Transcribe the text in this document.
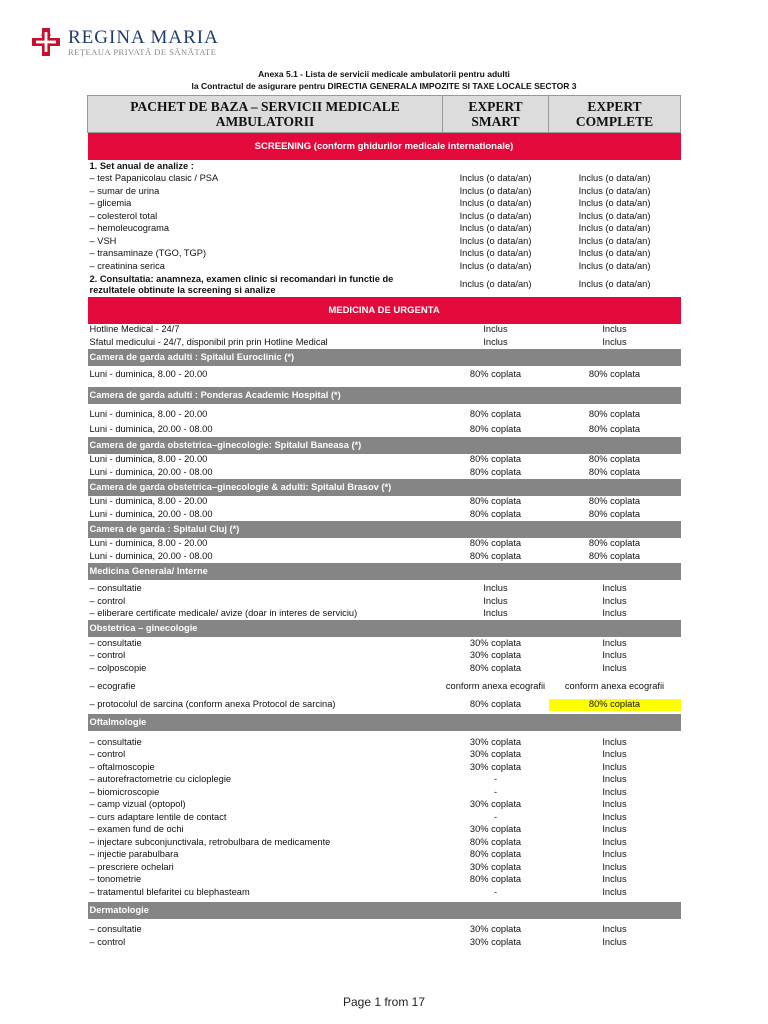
REGINA MARIA
REȚEAUA PRIVATĂ DE SĂNĂTATE
Anexa 5.1 - Lista de servicii medicale ambulatorii pentru adulti
la Contractul de asigurare pentru DIRECTIA GENERALA IMPOZITE SI TAXE LOCALE SECTOR 3
PACHET DE BAZA – SERVICII MEDICALE AMBULATORII	EXPERT SMART	EXPERT COMPLETE
SCREENING (conform ghidurilor medicale internationale)		
1. Set anual de analize :		
– test Papanicolau clasic / PSA	Inclus (o data/an)	Inclus (o data/an)
– sumar de urina	Inclus (o data/an)	Inclus (o data/an)
– glicemia	Inclus (o data/an)	Inclus (o data/an)
– colesterol total	Inclus (o data/an)	Inclus (o data/an)
– hemoleucograma	Inclus (o data/an)	Inclus (o data/an)
– VSH	Inclus (o data/an)	Inclus (o data/an)
– transaminaze (TGO, TGP)	Inclus (o data/an)	Inclus (o data/an)
– creatinina serica	Inclus (o data/an)	Inclus (o data/an)
2. Consultatia: anamneza, examen clinic si recomandari in functie de rezultatele obtinute la screening si analize	Inclus (o data/an)	Inclus (o data/an)
MEDICINA DE URGENTA		
Hotline Medical - 24/7	Inclus	Inclus
Sfatul medicului - 24/7, disponibil prin prin Hotline Medical	Inclus	Inclus
Camera de garda adulti : Spitalul Euroclinic (*)		
Luni - duminica, 8.00 - 20.00	80% coplata	80% coplata

Camera de garda adulti : Ponderas Academic Hospital (*)		

Luni - duminica, 8.00 - 20.00	80% coplata	80% coplata
Luni - duminica, 20.00 - 08.00	80% coplata	80% coplata
Camera de garda obstetrica–ginecologie: Spitalul Baneasa (*)		
Luni - duminica, 8.00 - 20.00	80% coplata	80% coplata
Luni - duminica, 20.00 - 08.00	80% coplata	80% coplata
Camera de garda obstetrica–ginecologie & adulti: Spitalul Brasov (*)		
Luni - duminica, 8.00 - 20.00	80% coplata	80% coplata
Luni - duminica, 20.00 - 08.00	80% coplata	80% coplata
Camera de garda : Spitalul Cluj (*)		
Luni - duminica, 8.00 - 20.00	80% coplata	80% coplata
Luni - duminica, 20.00 - 08.00	80% coplata	80% coplata
Medicina Generala/ Interne		

– consultatie	Inclus	Inclus
– control	Inclus	Inclus
– eliberare certificate medicale/ avize (doar in interes de serviciu)	Inclus	Inclus
Obstetrica – ginecologie		
– consultatie	30% coplata	Inclus
– control	30% coplata	Inclus
– colposcopie	80% coplata	Inclus
– ecografie	conform anexa ecografii	conform anexa ecografii
– protocolul de sarcina (conform anexa Protocol de sarcina)	80% coplata	80% coplata

Oftalmologie		

– consultatie	30% coplata	Inclus
– control	30% coplata	Inclus
– oftalmoscopie	30% coplata	Inclus
– autorefractometrie cu cicloplegie	-	Inclus
– biomicroscopie	-	Inclus
– camp vizual (optopol)	30% coplata	Inclus
– curs adaptare lentile de contact	-	Inclus
– examen fund de ochi	30% coplata	Inclus
– injectare subconjunctivala, retrobulbara de medicamente	80% coplata	Inclus
– injectie parabulbara	80% coplata	Inclus
– prescriere ochelari	30% coplata	Inclus
– tonometrie	80% coplata	Inclus
– tratamentul blefaritei cu blephasteam	-	Inclus

Dermatologie		

– consultatie	30% coplata	Inclus
– control	30% coplata	Inclus
Page 1 from 17
